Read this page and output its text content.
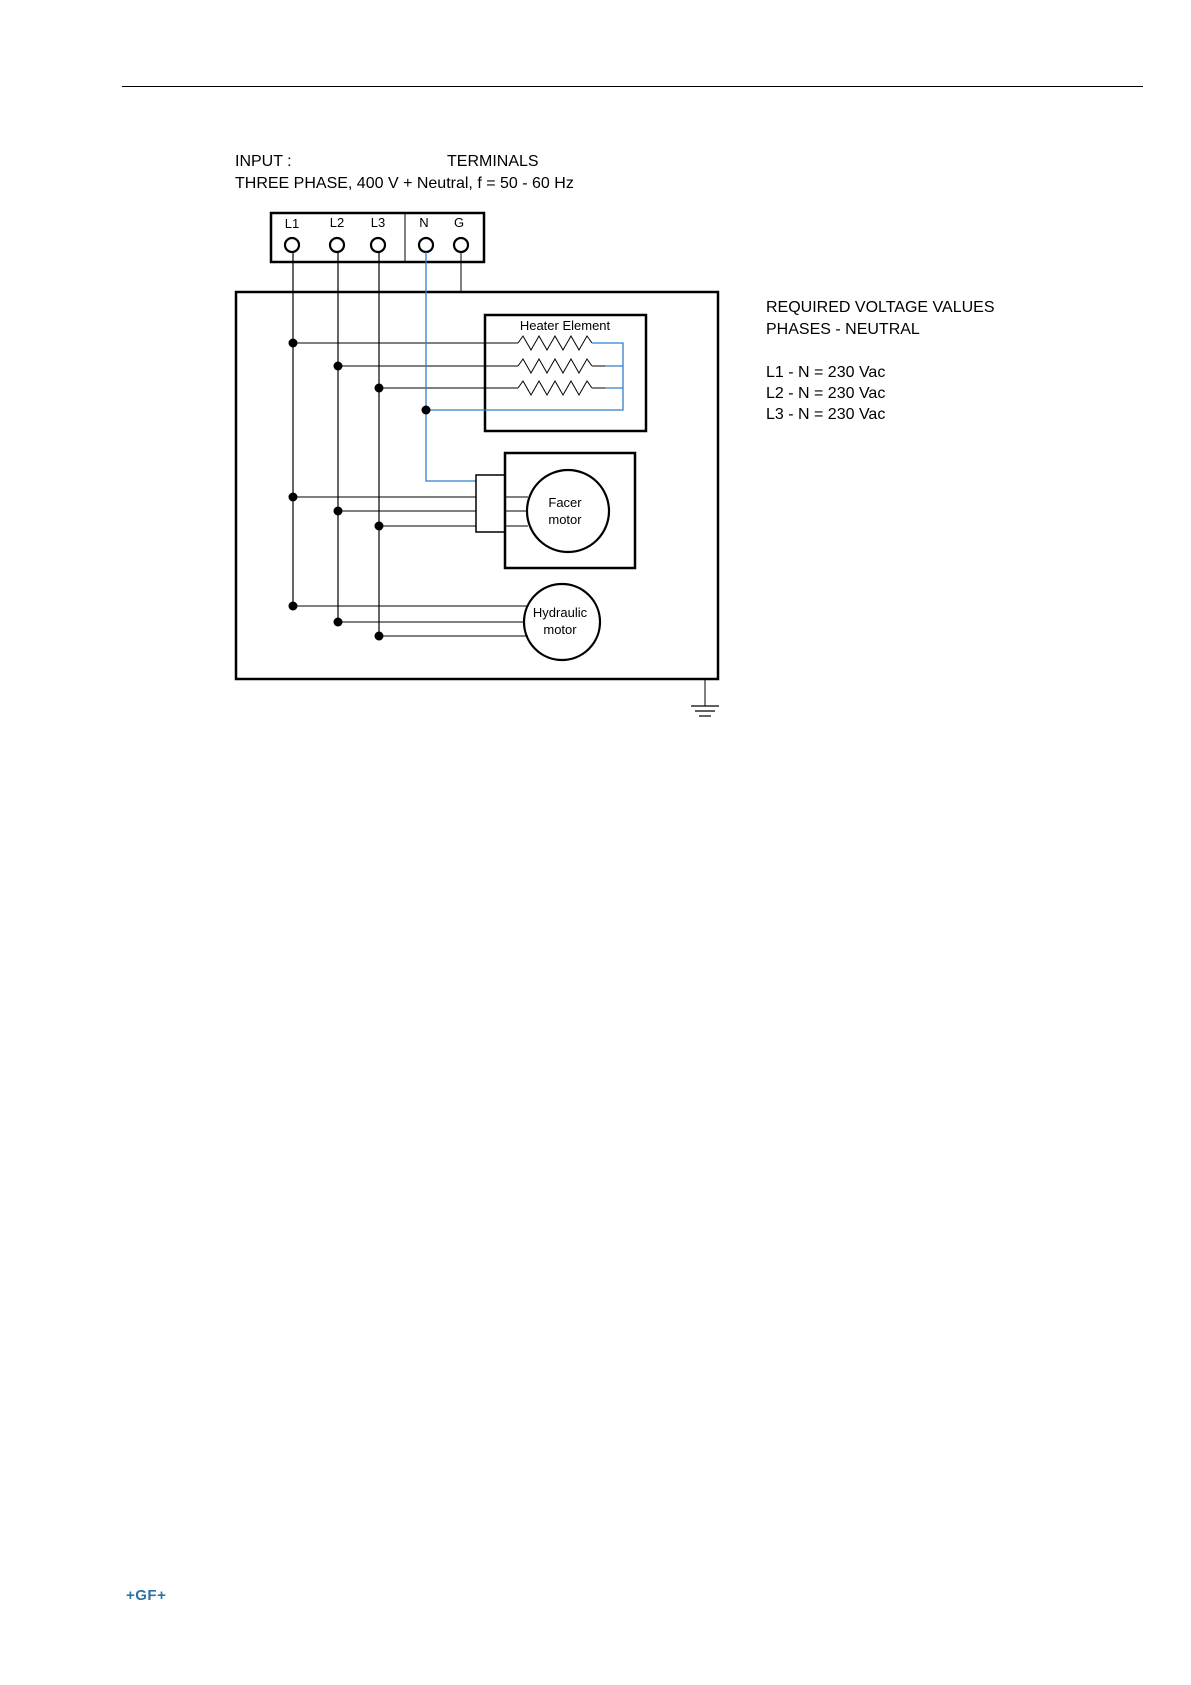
INPUT :	TERMINALS
THREE PHASE, 400 V + Neutral, f = 50 - 60 Hz
REQUIRED VOLTAGE VALUES
PHASES - NEUTRAL
L1 - N = 230 Vac
L2 - N = 230 Vac
L3 - N = 230 Vac
L1 L2 L3	N G
Heater Element
Facer
motor
Hydraulic
motor
+GF+
